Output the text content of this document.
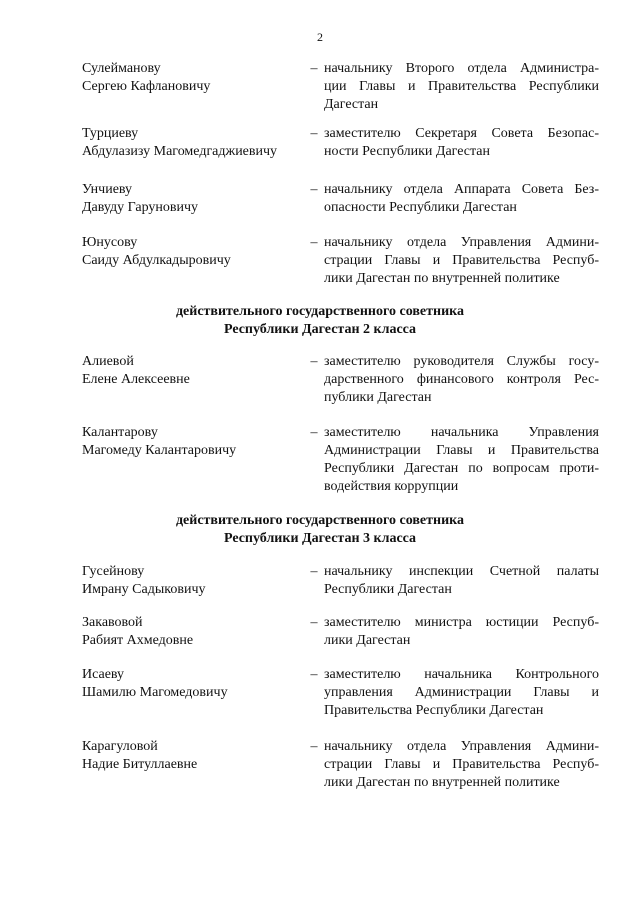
2
Сулейманову
Сергею Кафлановичу
– начальнику Второго отдела Администра-
ции Главы и Правительства Республики
Дагестан
Турциеву
Абдулазизу Магомедгаджиевичу
– заместителю Секретаря Совета Безопас-
ности Республики Дагестан
Унчиеву
Давуду Гаруновичу
– начальнику отдела Аппарата Совета Без-
опасности Республики Дагестан
Юнусову
Саиду Абдулкадыровичу
– начальнику отдела Управления Админи-
страции Главы и Правительства Респуб-
лики Дагестан по внутренней политике
действительного государственного советника
Республики Дагестан 2 класса
Алиевой
Елене Алексеевне
– заместителю руководителя Службы госу-
дарственного финансового контроля Рес-
публики Дагестан
Калантарову
Магомеду Калантаровичу
– заместителю начальника Управления
Администрации Главы и Правительства
Республики Дагестан по вопросам проти-
водействия коррупции
действительного государственного советника
Республики Дагестан 3 класса
Гусейнову
Имрану Садыковичу
– начальнику инспекции Счетной палаты
Республики Дагестан
Закавовой
Рабият Ахмедовне
– заместителю министра юстиции Респуб-
лики Дагестан
Исаеву
Шамилю Магомедовичу
– заместителю начальника Контрольного
управления Администрации Главы и
Правительства Республики Дагестан
Карагуловой
Надие Битуллаевне
– начальнику отдела Управления Админи-
страции Главы и Правительства Респуб-
лики Дагестан по внутренней политике
